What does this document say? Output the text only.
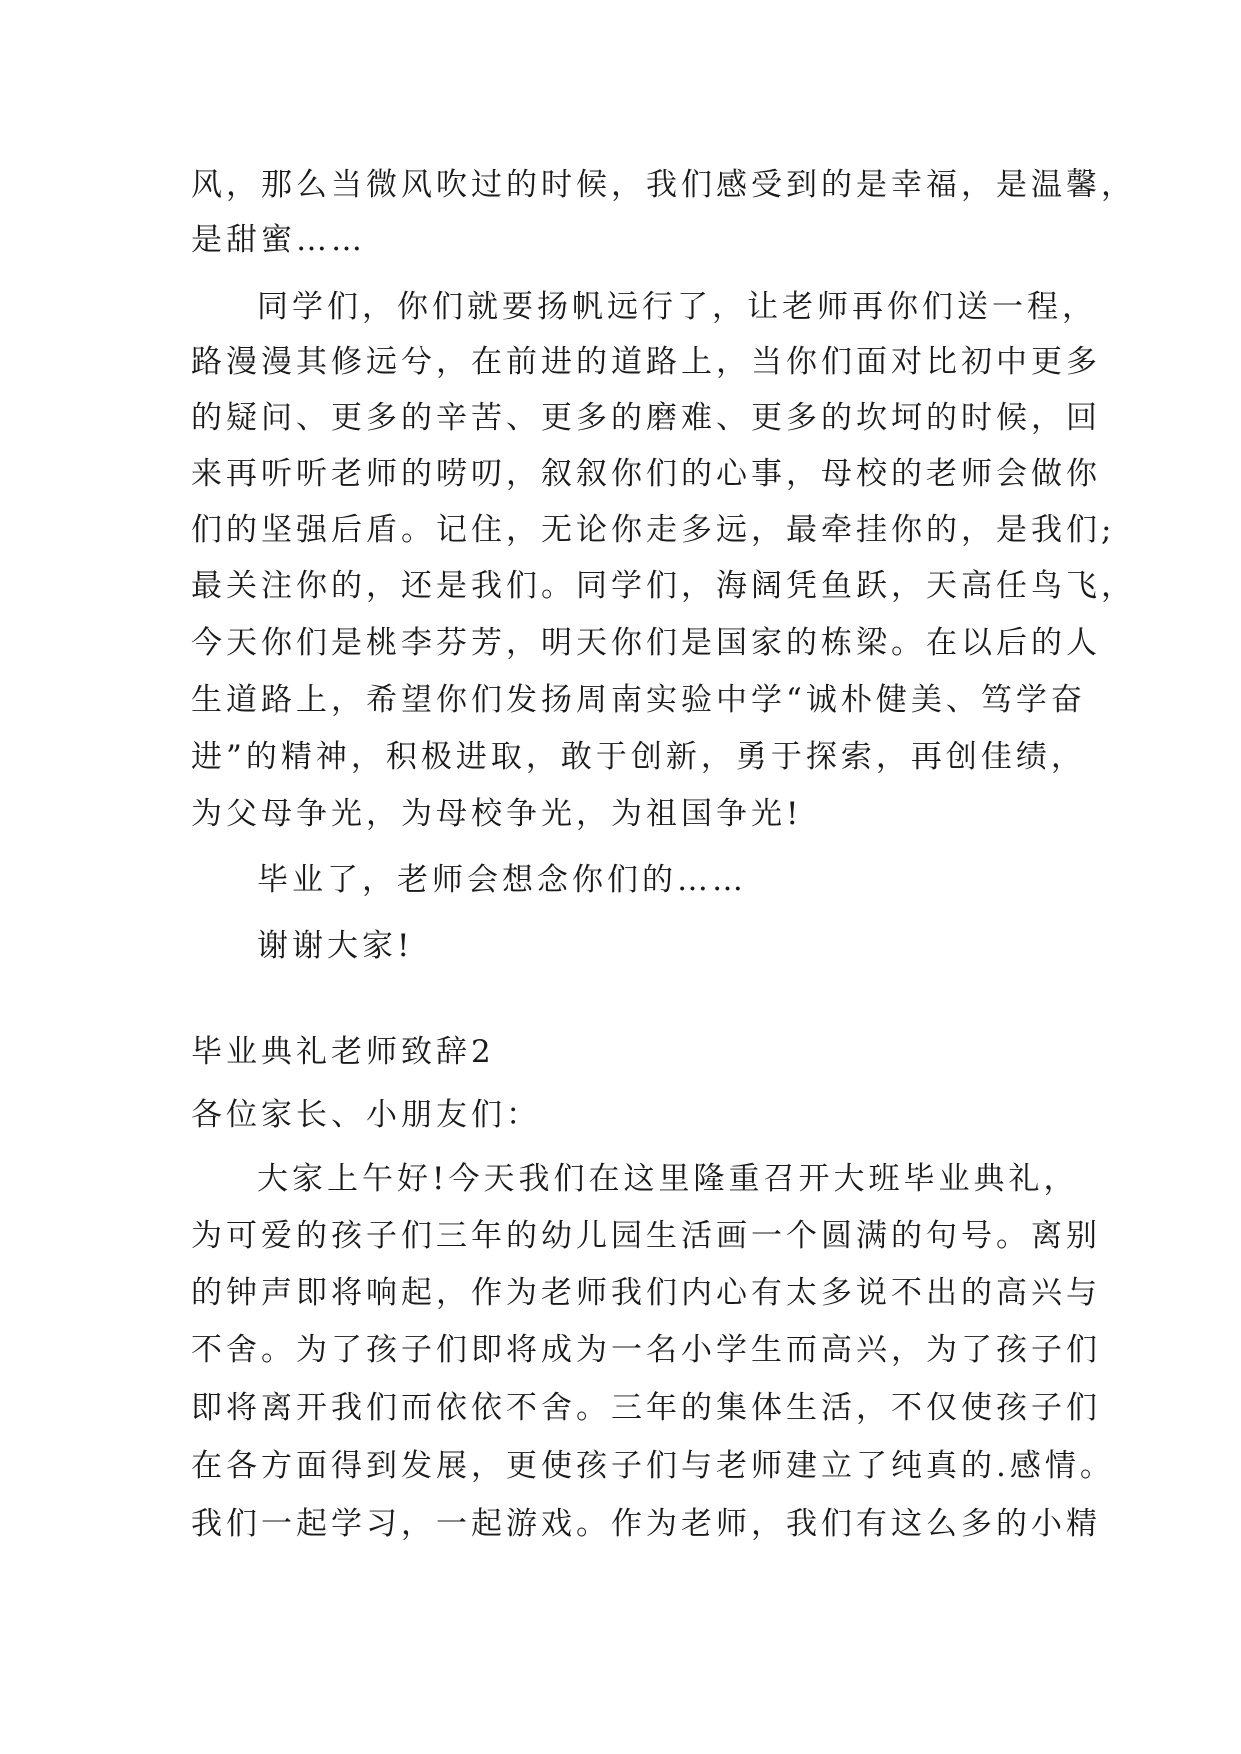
风，那么当微风吹过的时候，我们感受到的是幸福，是温馨，
是甜蜜……
同学们，你们就要扬帆远行了，让老师再你们送一程，
路漫漫其修远兮，在前进的道路上，当你们面对比初中更多
的疑问、更多的辛苦、更多的磨难、更多的坎坷的时候，回
来再听听老师的唠叨，叙叙你们的心事，母校的老师会做你
们的坚强后盾。记住，无论你走多远，最牵挂你的，是我们;
最关注你的，还是我们。同学们，海阔凭鱼跃，天高任鸟飞，
今天你们是桃李芬芳，明天你们是国家的栋梁。在以后的人
生道路上，希望你们发扬周南实验中学“诚朴健美、笃学奋
进”的精神，积极进取，敢于创新，勇于探索，再创佳绩，
为父母争光，为母校争光，为祖国争光!
毕业了，老师会想念你们的……
谢谢大家!
毕业典礼老师致辞2
各位家长、小朋友们：
大家上午好!今天我们在这里隆重召开大班毕业典礼，
为可爱的孩子们三年的幼儿园生活画一个圆满的句号。离别
的钟声即将响起，作为老师我们内心有太多说不出的高兴与
不舍。为了孩子们即将成为一名小学生而高兴，为了孩子们
即将离开我们而依依不舍。三年的集体生活，不仅使孩子们
在各方面得到发展，更使孩子们与老师建立了纯真的.感情。
我们一起学习，一起游戏。作为老师，我们有这么多的小精
